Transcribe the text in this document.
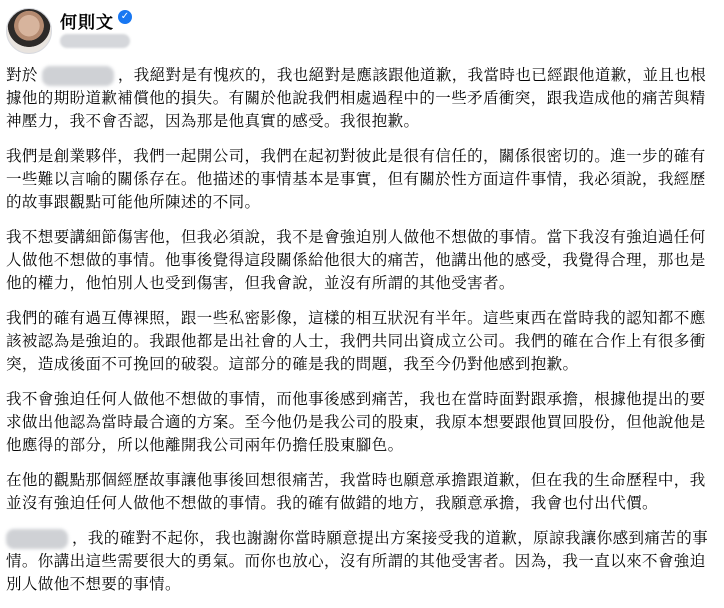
何則文 ✓

對於	，我絕對是有愧疚的，我也絕對是應該跟他道歉，我當時也已經跟他道歉，並且也根據他的期盼道歉補償他的損失。有關於他說我們相處過程中的一些矛盾衝突，跟我造成他的痛苦與精神壓力，我不會否認，因為那是他真實的感受。我很抱歉。

我們是創業夥伴，我們一起開公司，我們在起初對彼此是很有信任的，關係很密切的。進一步的確有一些難以言喻的關係存在。他描述的事情基本是事實，但有關於性方面這件事情，我必須說，我經歷的故事跟觀點可能他所陳述的不同。

我不想要講細節傷害他，但我必須說，我不是會強迫別人做他不想做的事情。當下我沒有強迫過任何人做他不想做的事情。他事後覺得這段關係給他很大的痛苦，他講出他的感受，我覺得合理，那也是他的權力，他怕別人也受到傷害，但我會說，並沒有所謂的其他受害者。

我們的確有過互傳裸照，跟一些私密影像，這樣的相互狀況有半年。這些東西在當時我的認知都不應該被認為是強迫的。我跟他都是出社會的人士，我們共同出資成立公司。我們的確在合作上有很多衝突，造成後面不可挽回的破裂。這部分的確是我的問題，我至今仍對他感到抱歉。

我不會強迫任何人做他不想做的事情，而他事後感到痛苦，我也在當時面對跟承擔，根據他提出的要求做出他認為當時最合適的方案。至今他仍是我公司的股東，我原本想要跟他買回股份，但他說他是他應得的部分，所以他離開我公司兩年仍擔任股東腳色。

在他的觀點那個經歷故事讓他事後回想很痛苦，我當時也願意承擔跟道歉，但在我的生命歷程中，我並沒有強迫任何人做他不想做的事情。我的確有做錯的地方，我願意承擔，我會也付出代價。

，我的確對不起你，我也謝謝你當時願意提出方案接受我的道歉，原諒我讓你感到痛苦的事情。你講出這些需要很大的勇氣。而你也放心，沒有所謂的其他受害者。因為，我一直以來不會強迫別人做他不想要的事情。
